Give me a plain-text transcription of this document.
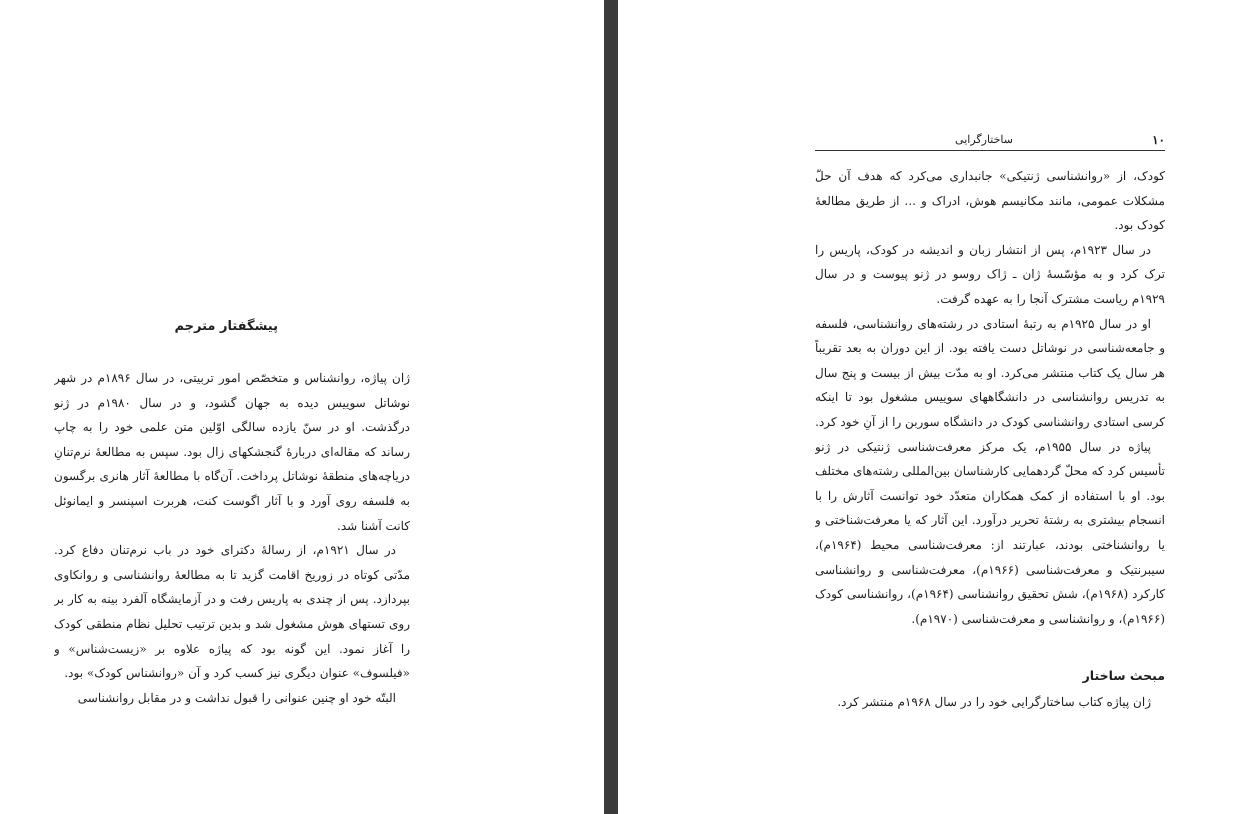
پیشگفتار مترجم

ژان پیاژه، روانشناس و متخصّص امور تربیتی، در سال ۱۸۹۶م در شهر نوشاتل سوییس دیده به جهان گشود، و در سال ۱۹۸۰م در ژنو درگذشت. او در سنّ یازده سالگی اوّلین متن علمی خود را به چاپ رساند که مقاله‌ای دربارهٔ گنجشکهای زال بود. سپس به مطالعهٔ نرم‌تنانِ دریاچه‌های منطقهٔ نوشاتل پرداخت. آن‌گاه با مطالعهٔ آثار هانری برگسون به فلسفه روی آورد و با آثار اگوست کنت، هربرت اسپنسر و ایمانوئل کانت آشنا شد.

در سال ۱۹۲۱م، از رسالهٔ دکترای خود در باب نرم‌تنان دفاع کرد. مدّتی کوتاه در زوریخ اقامت گزید تا به مطالعهٔ روانشناسی و روانکاوی بپردازد. پس از چندی به پاریس رفت و در آزمایشگاه آلفرد بینه به کار بر روی تستهای هوش مشغول شد و بدین ترتیب تحلیل نظام منطقی کودک را آغاز نمود. این گونه بود که پیاژه علاوه بر «زیست‌شناس» و «فیلسوف» عنوان دیگری نیز کسب کرد و آن «روانشناس کودک» بود.

البتّه خود او چنین عنوانی را قبول نداشت و در مقابل روانشناسی

۱۰
ساختارگرایی

کودک، از «روانشناسی ژنتیکی» جانبداری می‌کرد که هدف آن حلّ مشکلات عمومی، مانند مکانیسم هوش، ادراک و ... از طریق مطالعهٔ کودک بود.

در سال ۱۹۲۳م، پس از انتشار زبان و اندیشه در کودک، پاریس را ترک کرد و به مؤسّسهٔ ژان ـ ژاک روسو در ژنو پیوست و در سال ۱۹۲۹م ریاست مشترک آنجا را به عهده گرفت.

او در سال ۱۹۲۵م به رتبهٔ استادی در رشته‌های روانشناسی، فلسفه و جامعه‌شناسی در نوشاتل دست یافته بود. از این دوران به بعد تقریباً هر سال یک کتاب منتشر می‌کرد. او به مدّت بیش از بیست و پنج سال به تدریس روانشناسی در دانشگاههای سوییس مشغول بود تا اینکه کرسی استادی روانشناسی کودک در دانشگاه سوربن را از آنِ خود کرد.

پیاژه در سال ۱۹۵۵م، یک مرکز معرفت‌شناسی ژنتیکی در ژنو تأسیس کرد که محلّ گردهمایی کارشناسان بین‌المللی رشته‌های مختلف بود. او با استفاده از کمک همکاران متعدّد خود توانست آثارش را با انسجام بیشتری به رشتهٔ تحریر درآورد. این آثار که یا معرفت‌شناختی و یا روانشناختی بودند، عبارتند از: معرفت‌شناسی محیط (۱۹۶۴م)، سیبرنتیک و معرفت‌شناسی (۱۹۶۶م)، معرفت‌شناسی و روانشناسی کارکرد (۱۹۶۸م)، شش تحقیق روانشناسی (۱۹۶۴م)، روانشناسی کودک (۱۹۶۶م)، و روانشناسی و معرفت‌شناسی (۱۹۷۰م).

مبحث ساختار

ژان پیاژه کتاب ساختارگرایی خود را در سال ۱۹۶۸م منتشر کرد.
